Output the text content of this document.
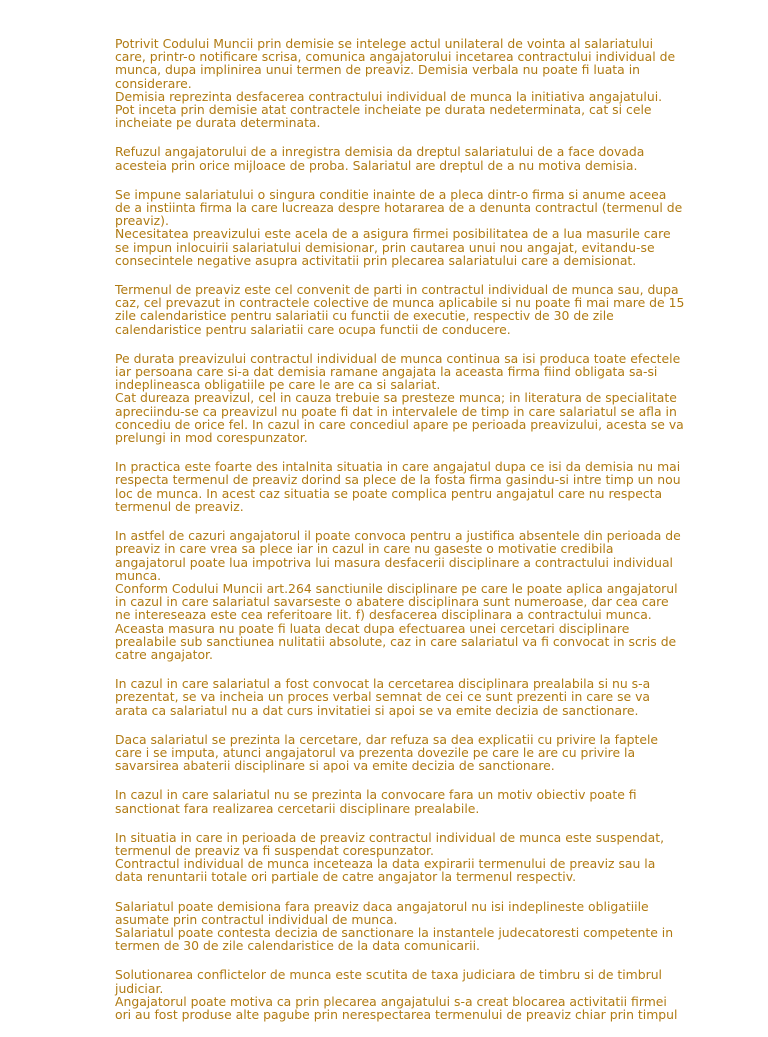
Potrivit Codului Muncii prin demisie se intelege actul unilateral de vointa al salariatului
care, printr-o notificare scrisa, comunica angajatorului incetarea contractului individual de
munca, dupa implinirea unui termen de preaviz. Demisia verbala nu poate fi luata in
considerare.
Demisia reprezinta desfacerea contractului individual de munca la initiativa angajatului.
Pot inceta prin demisie atat contractele incheiate pe durata nedeterminata, cat si cele
incheiate pe durata determinata.
Refuzul angajatorului de a inregistra demisia da dreptul salariatului de a face dovada
acesteia prin orice mijloace de proba. Salariatul are dreptul de a nu motiva demisia.
Se impune salariatului o singura conditie inainte de a pleca dintr-o firma si anume aceea
de a instiinta firma la care lucreaza despre hotararea de a denunta contractul (termenul de
preaviz).
Necesitatea preavizului este acela de a asigura firmei posibilitatea de a lua masurile care
se impun inlocuirii salariatului demisionar, prin cautarea unui nou angajat, evitandu-se
consecintele negative asupra activitatii prin plecarea salariatului care a demisionat.
Termenul de preaviz este cel convenit de parti in contractul individual de munca sau, dupa
caz, cel prevazut in contractele colective de munca aplicabile si nu poate fi mai mare de 15
zile calendaristice pentru salariatii cu functii de executie, respectiv de 30 de zile
calendaristice pentru salariatii care ocupa functii de conducere.
Pe durata preavizului contractul individual de munca continua sa isi produca toate efectele
iar persoana care si-a dat demisia ramane angajata la aceasta firma fiind obligata sa-si
indeplineasca obligatiile pe care le are ca si salariat.
Cat dureaza preavizul, cel in cauza trebuie sa presteze munca; in literatura de specialitate
apreciindu-se ca preavizul nu poate fi dat in intervalele de timp in care salariatul se afla in
concediu de orice fel. In cazul in care concediul apare pe perioada preavizului, acesta se va
prelungi in mod corespunzator.
In practica este foarte des intalnita situatia in care angajatul dupa ce isi da demisia nu mai
respecta termenul de preaviz dorind sa plece de la fosta firma gasindu-si intre timp un nou
loc de munca. In acest caz situatia se poate complica pentru angajatul care nu respecta
termenul de preaviz.
In astfel de cazuri angajatorul il poate convoca pentru a justifica absentele din perioada de
preaviz in care vrea sa plece iar in cazul in care nu gaseste o motivatie credibila
angajatorul poate lua impotriva lui masura desfacerii disciplinare a contractului individual
munca.
Conform Codului Muncii art.264 sanctiunile disciplinare pe care le poate aplica angajatorul
in cazul in care salariatul savarseste o abatere disciplinara sunt numeroase, dar cea care
ne intereseaza este cea referitoare lit. f) desfacerea disciplinara a contractului munca.
Aceasta masura nu poate fi luata decat dupa efectuarea unei cercetari disciplinare
prealabile sub sanctiunea nulitatii absolute, caz in care salariatul va fi convocat in scris de
catre angajator.
In cazul in care salariatul a fost convocat la cercetarea disciplinara prealabila si nu s-a
prezentat, se va incheia un proces verbal semnat de cei ce sunt prezenti in care se va
arata ca salariatul nu a dat curs invitatiei si apoi se va emite decizia de sanctionare.
Daca salariatul se prezinta la cercetare, dar refuza sa dea explicatii cu privire la faptele
care i se imputa, atunci angajatorul va prezenta dovezile pe care le are cu privire la
savarsirea abaterii disciplinare si apoi va emite decizia de sanctionare.
In cazul in care salariatul nu se prezinta la convocare fara un motiv obiectiv poate fi
sanctionat fara realizarea cercetarii disciplinare prealabile.
In situatia in care in perioada de preaviz contractul individual de munca este suspendat,
termenul de preaviz va fi suspendat corespunzator.
Contractul individual de munca inceteaza la data expirarii termenului de preaviz sau la
data renuntarii totale ori partiale de catre angajator la termenul respectiv.
Salariatul poate demisiona fara preaviz daca angajatorul nu isi indeplineste obligatiile
asumate prin contractul individual de munca.
Salariatul poate contesta decizia de sanctionare la instantele judecatoresti competente in
termen de 30 de zile calendaristice de la data comunicarii.
Solutionarea conflictelor de munca este scutita de taxa judiciara de timbru si de timbrul
judiciar.
Angajatorul poate motiva ca prin plecarea angajatului s-a creat blocarea activitatii firmei
ori au fost produse alte pagube prin nerespectarea termenului de preaviz chiar prin timpul
